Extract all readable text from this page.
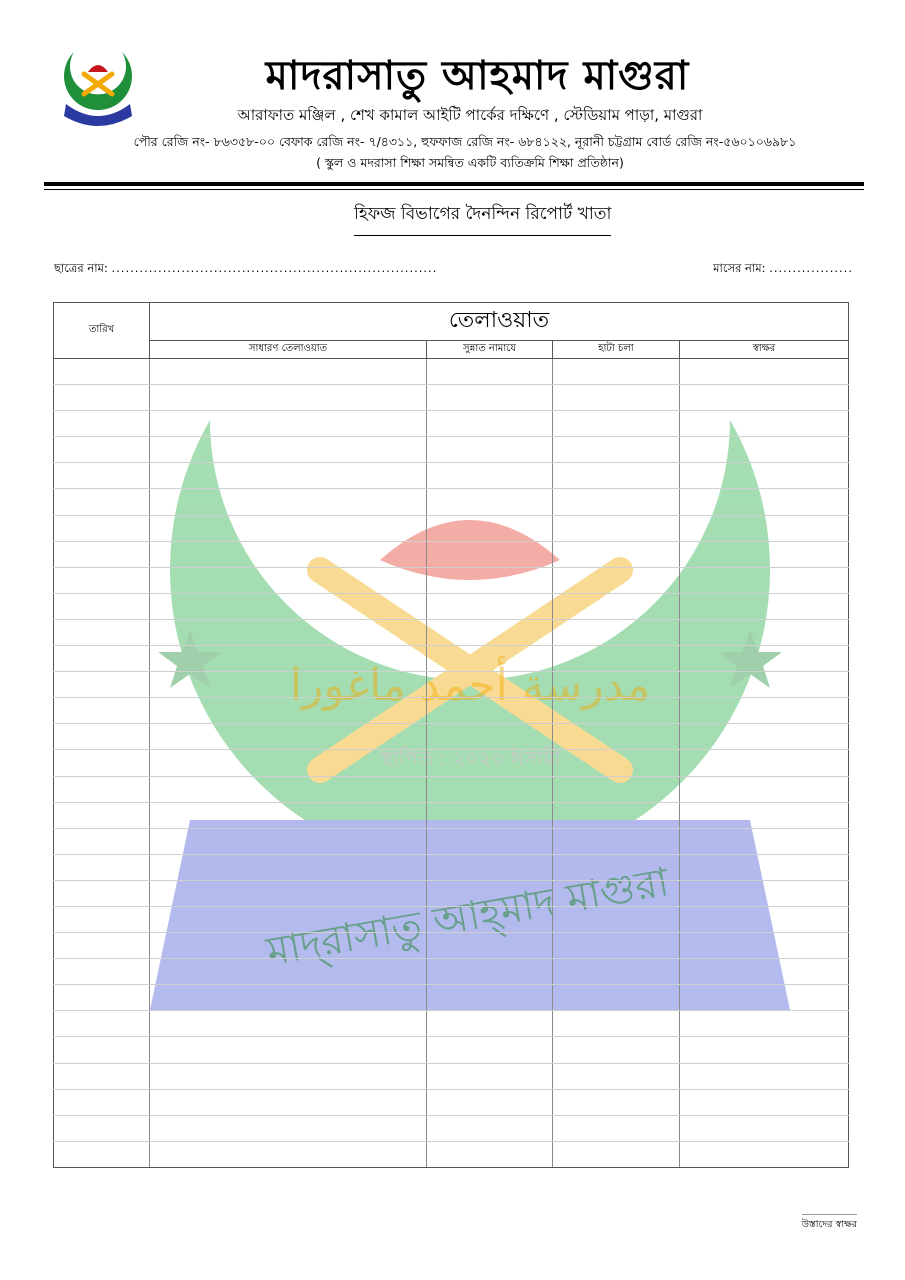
মাদরাসাতু আহমাদ মাগুরা
আরাফাত মঞ্জিল , শেখ কামাল আইটি পার্কের দক্ষিণে , স্টেডিয়াম পাড়া, মাগুরা
পৌর রেজি নং- ৮৬৩৫৮-০০ বেফাক রেজি নং- ৭/৪৩১১, হুফফাজ রেজি নং- ৬৮৪১২২, নূরানী চট্টগ্রাম বোর্ড রেজি নং-৫৬০১০৬৯৮১
( স্কুল ও মদরাসা শিক্ষা সমন্বিত একটি ব্যতিক্রমি শিক্ষা প্রতিষ্ঠান)
হিফজ বিভাগের দৈনন্দিন রিপোর্ট খাতা
ছাত্রের নাম: ......................................................................	মাসের নাম: ..................
স্থাপিত : ২০২০ ঈসায়ী
মাদ্‌রাসাতু আহ্‌মাদ মাগুরা
مدرسة أحمد ماغورا
তারিখ	তেলাওয়াত			
	সাধারণ তেলাওয়াত	সুন্নাত নামাযে	হাটা চলা	স্বাক্ষর

উস্তাদের স্বাক্ষর
